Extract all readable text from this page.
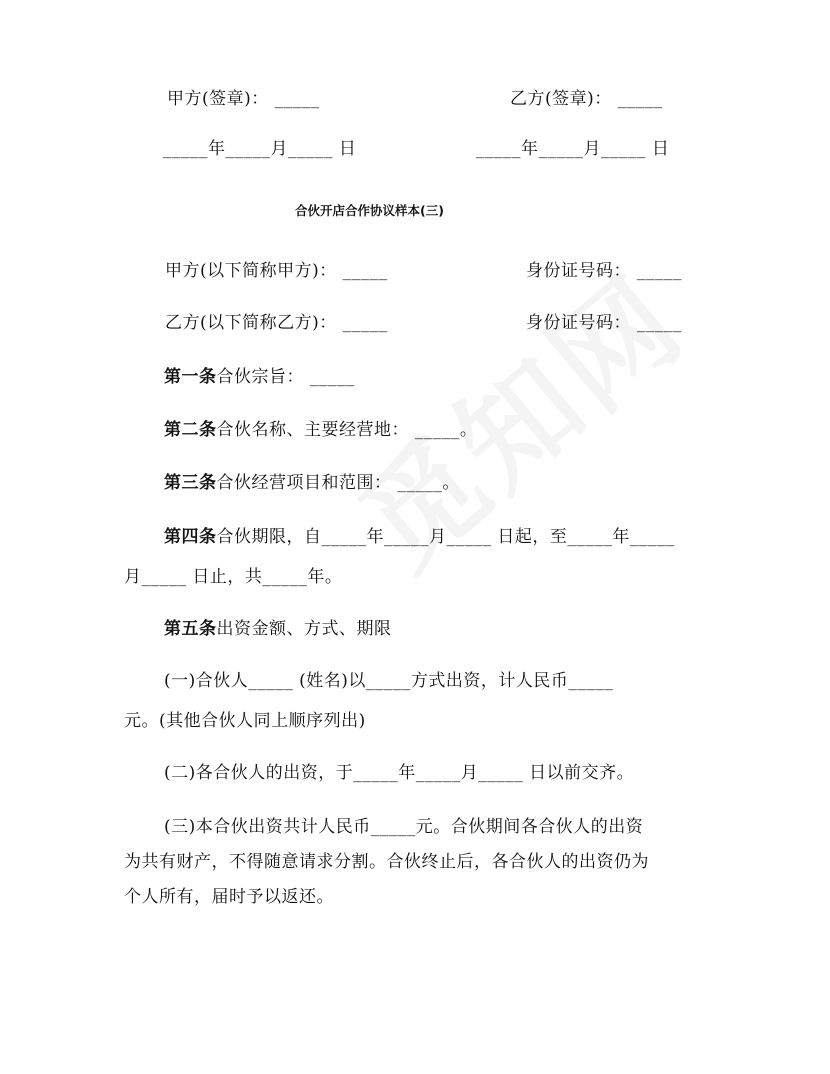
甲方(签章)： _____	乙方(签章)： _____
_____年_____月_____ 日	_____年_____月_____ 日
合伙开店合作协议样本(三)
甲方(以下简称甲方)： _____	身份证号码： _____
乙方(以下简称乙方)： _____	身份证号码： _____
第一条合伙宗旨： _____
第二条合伙名称、主要经营地： _____。
第三条合伙经营项目和范围： _____。
第四条合伙期限，自_____年_____月_____ 日起，至_____年_____
月_____ 日止，共_____年。
第五条出资金额、方式、期限
(一)合伙人_____ (姓名)以_____方式出资，计人民币_____
元。(其他合伙人同上顺序列出)
(二)各合伙人的出资，于_____年_____月_____ 日以前交齐。
(三)本合伙出资共计人民币_____元。合伙期间各合伙人的出资
为共有财产，不得随意请求分割。合伙终止后，各合伙人的出资仍为
个人所有，届时予以返还。
